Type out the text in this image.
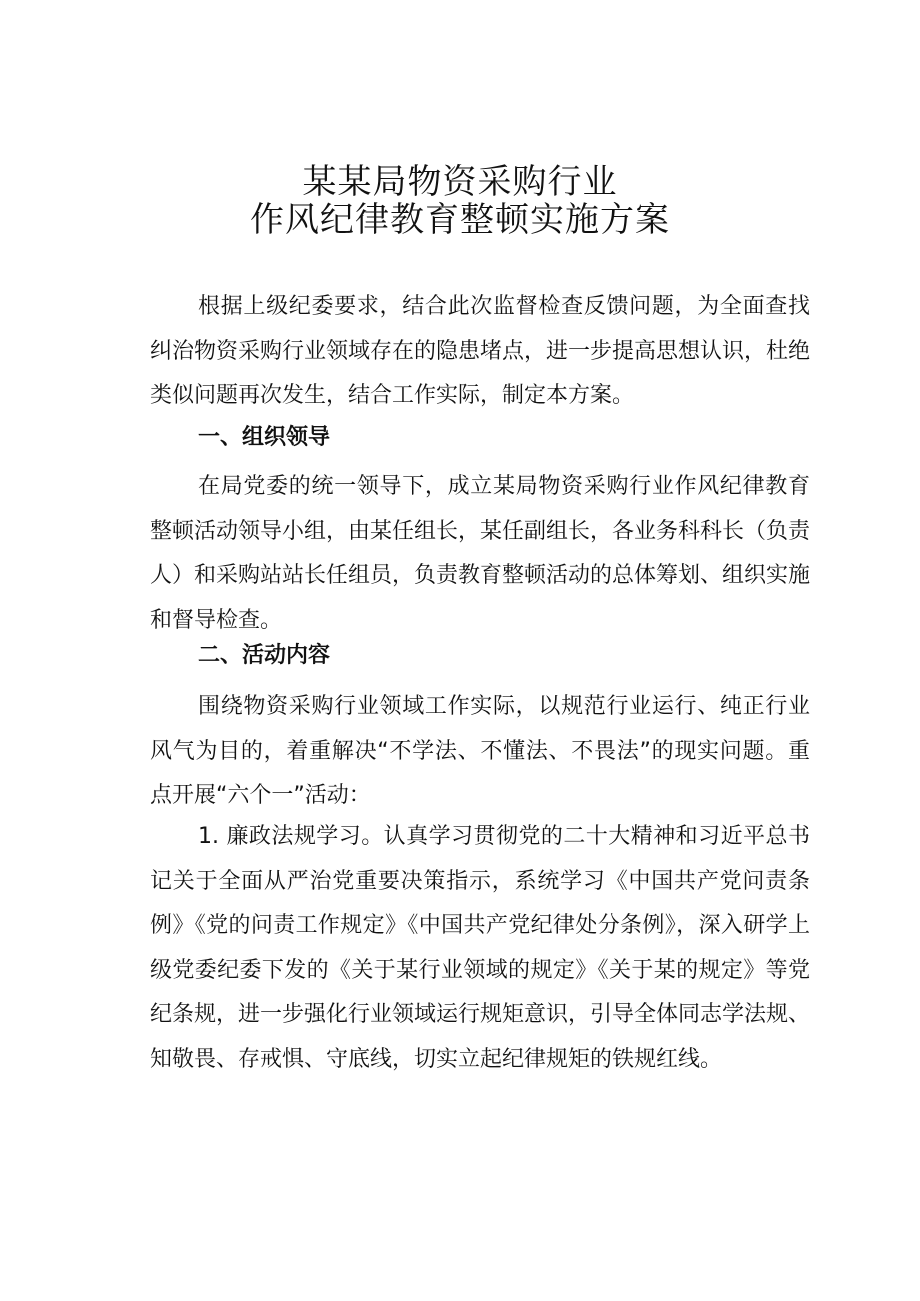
某某局物资采购行业
作风纪律教育整顿实施方案
根据上级纪委要求，结合此次监督检查反馈问题，为全面查找纠治物资采购行业领域存在的隐患堵点，进一步提高思想认识，杜绝类似问题再次发生，结合工作实际，制定本方案。
一、组织领导
在局党委的统一领导下，成立某局物资采购行业作风纪律教育整顿活动领导小组，由某任组长，某任副组长，各业务科科长（负责人）和采购站站长任组员，负责教育整顿活动的总体筹划、组织实施和督导检查。
二、活动内容
围绕物资采购行业领域工作实际，以规范行业运行、纯正行业风气为目的，着重解决“不学法、不懂法、不畏法”的现实问题。重点开展“六个一”活动：
1. 廉政法规学习。认真学习贯彻党的二十大精神和习近平总书记关于全面从严治党重要决策指示，系统学习《中国共产党问责条例》《党的问责工作规定》《中国共产党纪律处分条例》，深入研学上级党委纪委下发的《关于某行业领域的规定》《关于某的规定》等党纪条规，进一步强化行业领域运行规矩意识，引导全体同志学法规、知敬畏、存戒惧、守底线，切实立起纪律规矩的铁规红线。
